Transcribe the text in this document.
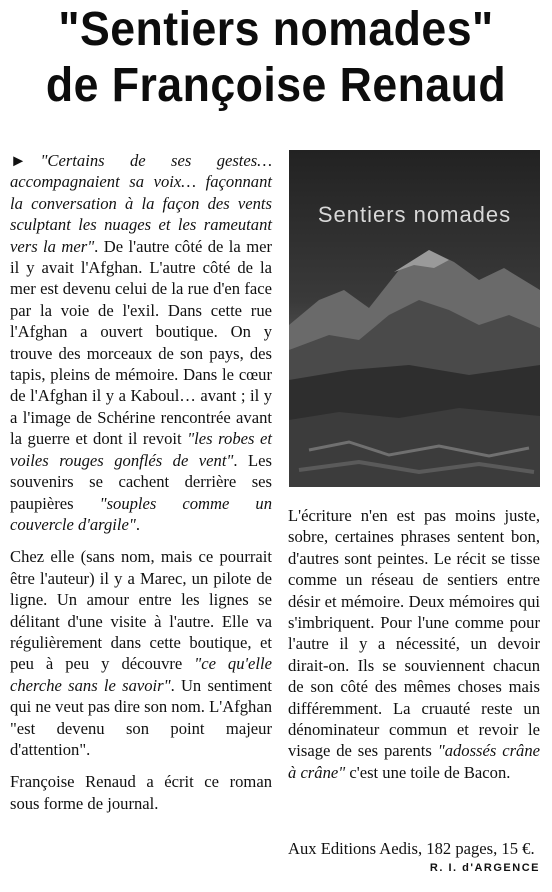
"Sentiers nomades"
de Françoise Renaud

► "Certains de ses gestes… accompagnaient sa voix… façonnant la conversation à la façon des vents sculptant les nuages et les rameutant vers la mer". De l'autre côté de la mer il y avait l'Afghan. L'autre côté de la mer est devenu celui de la rue d'en face par la voie de l'exil. Dans cette rue l'Afghan a ouvert boutique. On y trouve des morceaux de son pays, des tapis, pleins de mémoire. Dans le cœur de l'Afghan il y a Kaboul… avant ; il y a l'image de Schérine rencontrée avant la guerre et dont il revoit "les robes et voiles rouges gonflés de vent". Les souvenirs se cachent derrière ses paupières "souples comme un couvercle d'argile".

Chez elle (sans nom, mais ce pourrait être l'auteur) il y a Marec, un pilote de ligne. Un amour entre les lignes se délitant d'une visite à l'autre. Elle va régulièrement dans cette boutique, et peu à peu y découvre "ce qu'elle cherche sans le savoir". Un sentiment qui ne veut pas dire son nom. L'Afghan "est devenu son point majeur d'attention".

Françoise Renaud a écrit ce roman sous forme de journal.

Sentiers nomades

L'écriture n'en est pas moins juste, sobre, certaines phrases sentent bon, d'autres sont peintes. Le récit se tisse comme un réseau de sentiers entre désir et mémoire. Deux mémoires qui s'imbriquent. Pour l'une comme pour l'autre il y a nécessité, un devoir dirait-on. Ils se souviennent chacun de son côté des mêmes choses mais différemment. La cruauté reste un dénominateur commun et revoir le visage de ses parents "adossés crâne à crâne" c'est une toile de Bacon.

Aux Editions Aedis, 182 pages, 15 €.
R. I. d'ARGENCE
